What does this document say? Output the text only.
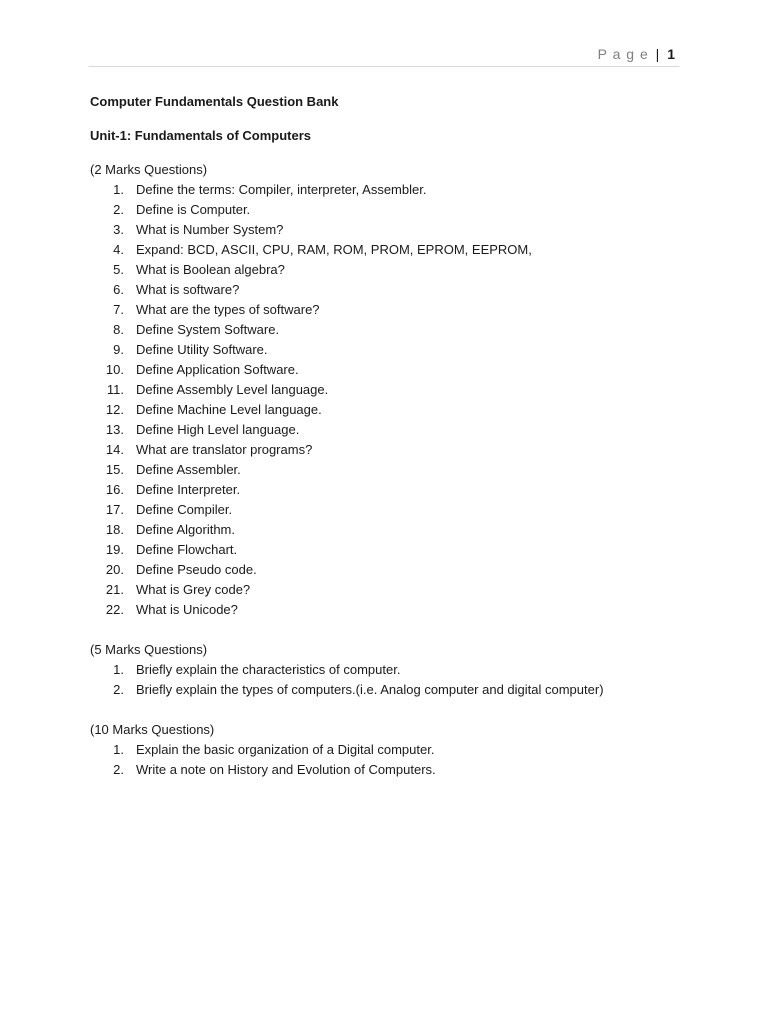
P a g e | 1

Computer Fundamentals Question Bank

Unit-1: Fundamentals of Computers

(2 Marks Questions)

1. Define the terms: Compiler, interpreter, Assembler.
2. Define is Computer.
3. What is Number System?
4. Expand: BCD, ASCII, CPU, RAM, ROM, PROM, EPROM, EEPROM,
5. What is Boolean algebra?
6. What is software?
7. What are the types of software?
8. Define System Software.
9. Define Utility Software.
10. Define Application Software.
11. Define Assembly Level language.
12. Define Machine Level language.
13. Define High Level language.
14. What are translator programs?
15. Define Assembler.
16. Define Interpreter.
17. Define Compiler.
18. Define Algorithm.
19. Define Flowchart.
20. Define Pseudo code.
21. What is Grey code?
22. What is Unicode?

(5 Marks Questions)

1. Briefly explain the characteristics of computer.
2. Briefly explain the types of computers.(i.e. Analog computer and digital computer)

(10 Marks Questions)

1. Explain the basic organization of a Digital computer.
2. Write a note on History and Evolution of Computers.
